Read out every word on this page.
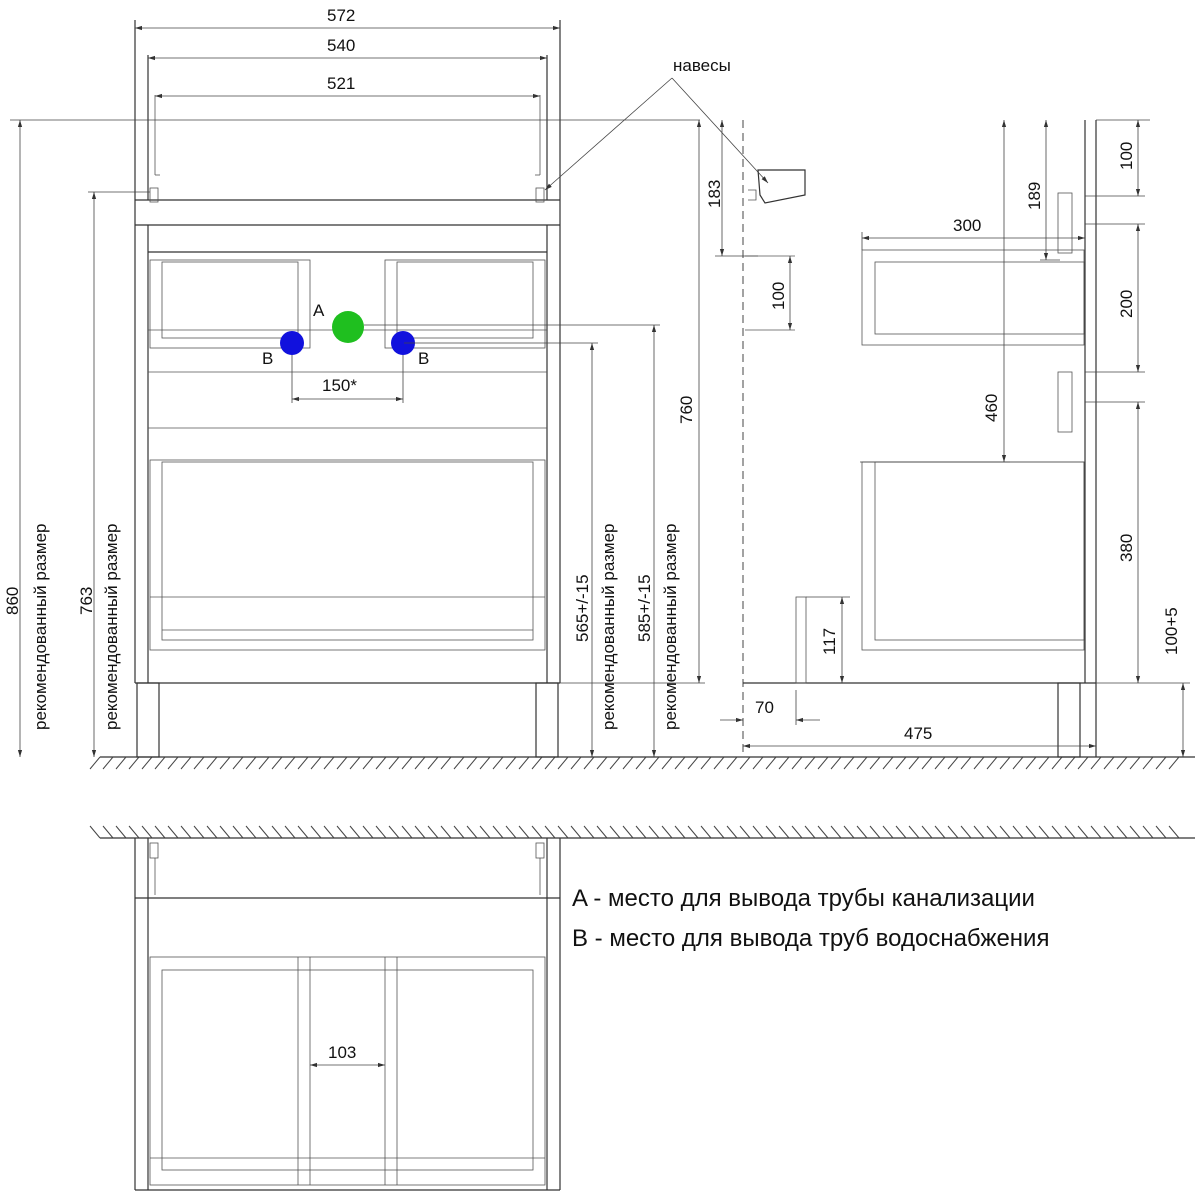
A
B	B
572
540
521
150*
навесы
860 рекомендованный размер 763 рекомендованный размер	565+/-15 рекомендованный размер 585+/-15 рекомендованный размер
760
183
100
70
475
117
300
189
460
100
200
380
100+5
103
A - место для вывода трубы канализации
B - место для вывода труб водоснабжения
